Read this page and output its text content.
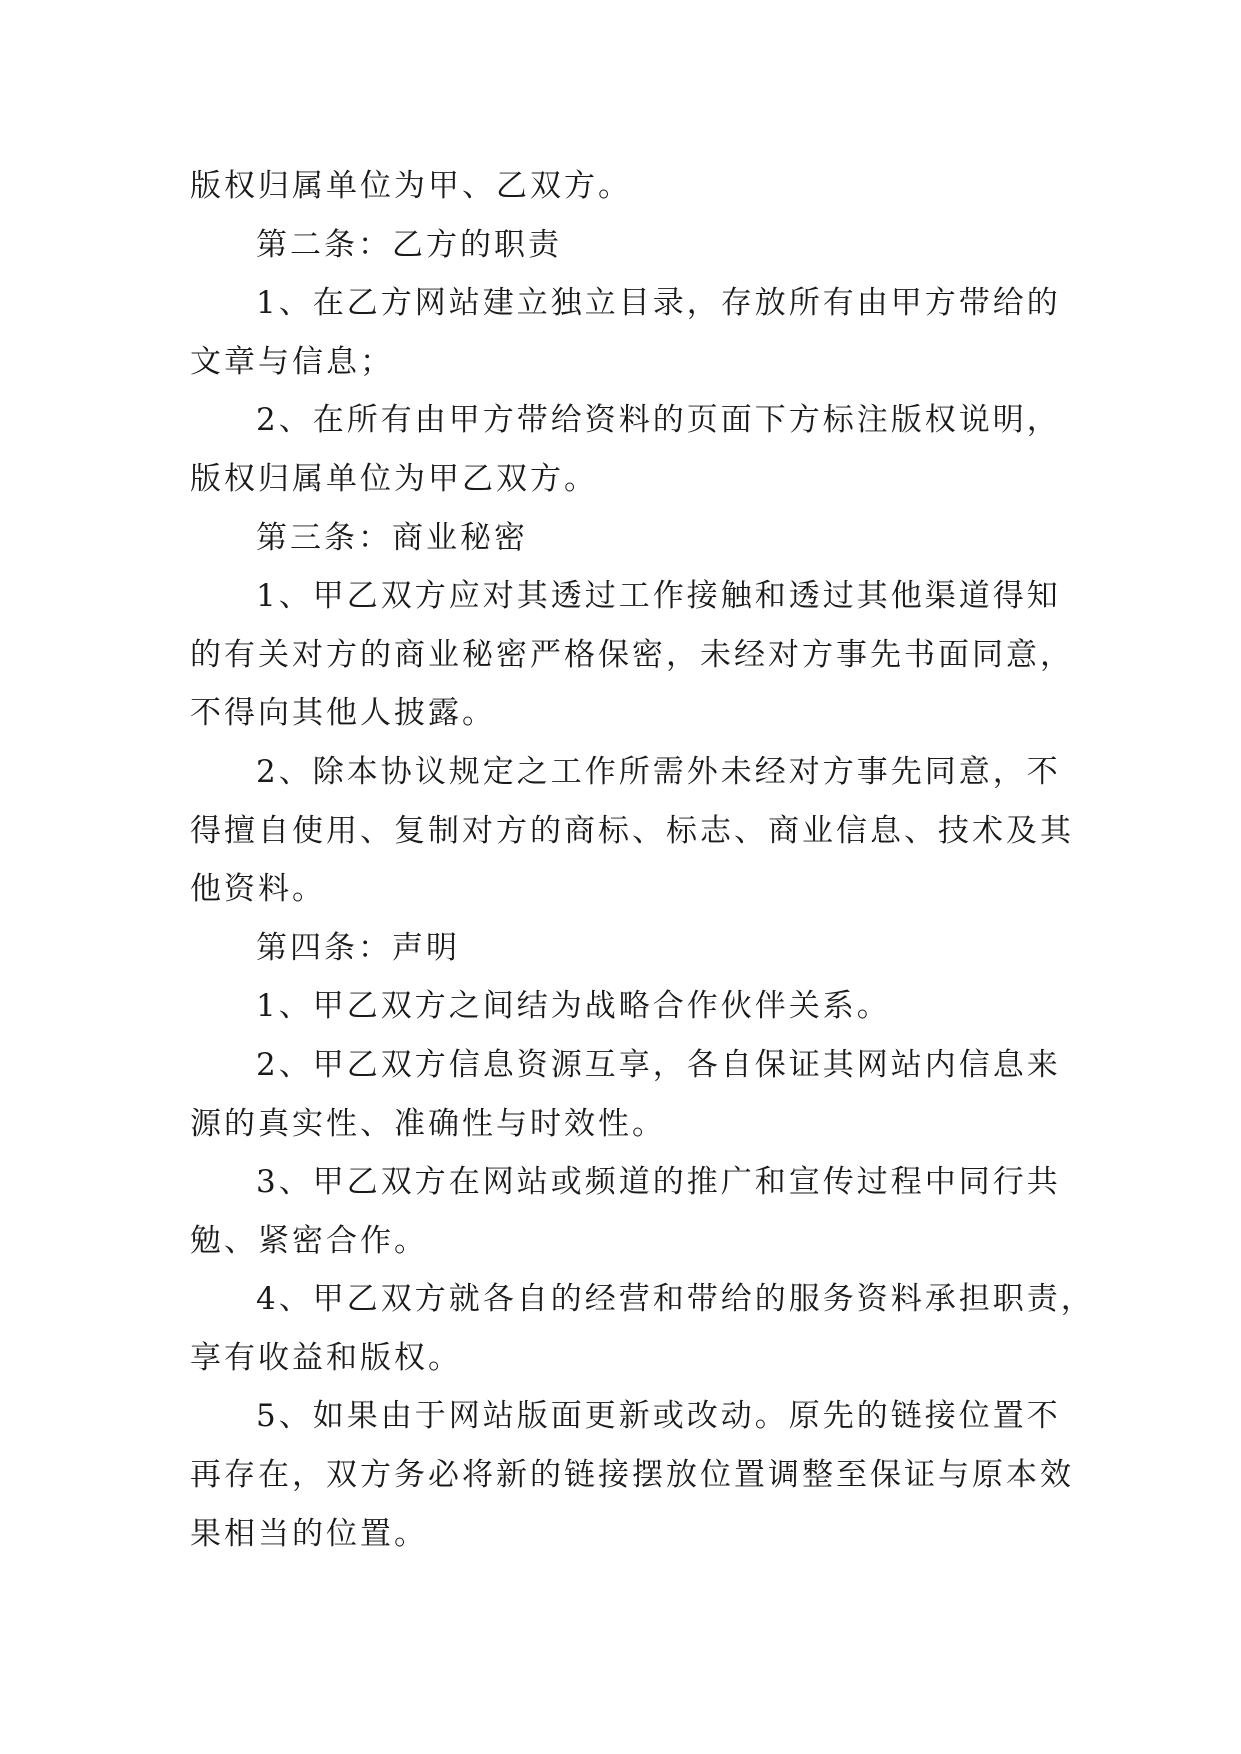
版权归属单位为甲、乙双方。
第二条：乙方的职责
1、在乙方网站建立独立目录，存放所有由甲方带给的
文章与信息；
2、在所有由甲方带给资料的页面下方标注版权说明，
版权归属单位为甲乙双方。
第三条：商业秘密
1、甲乙双方应对其透过工作接触和透过其他渠道得知
的有关对方的商业秘密严格保密，未经对方事先书面同意，
不得向其他人披露。
2、除本协议规定之工作所需外未经对方事先同意，不
得擅自使用、复制对方的商标、标志、商业信息、技术及其
他资料。
第四条：声明
1、甲乙双方之间结为战略合作伙伴关系。
2、甲乙双方信息资源互享，各自保证其网站内信息来
源的真实性、准确性与时效性。
3、甲乙双方在网站或频道的推广和宣传过程中同行共
勉、紧密合作。
4、甲乙双方就各自的经营和带给的服务资料承担职责，
享有收益和版权。
5、如果由于网站版面更新或改动。原先的链接位置不
再存在，双方务必将新的链接摆放位置调整至保证与原本效
果相当的位置。
